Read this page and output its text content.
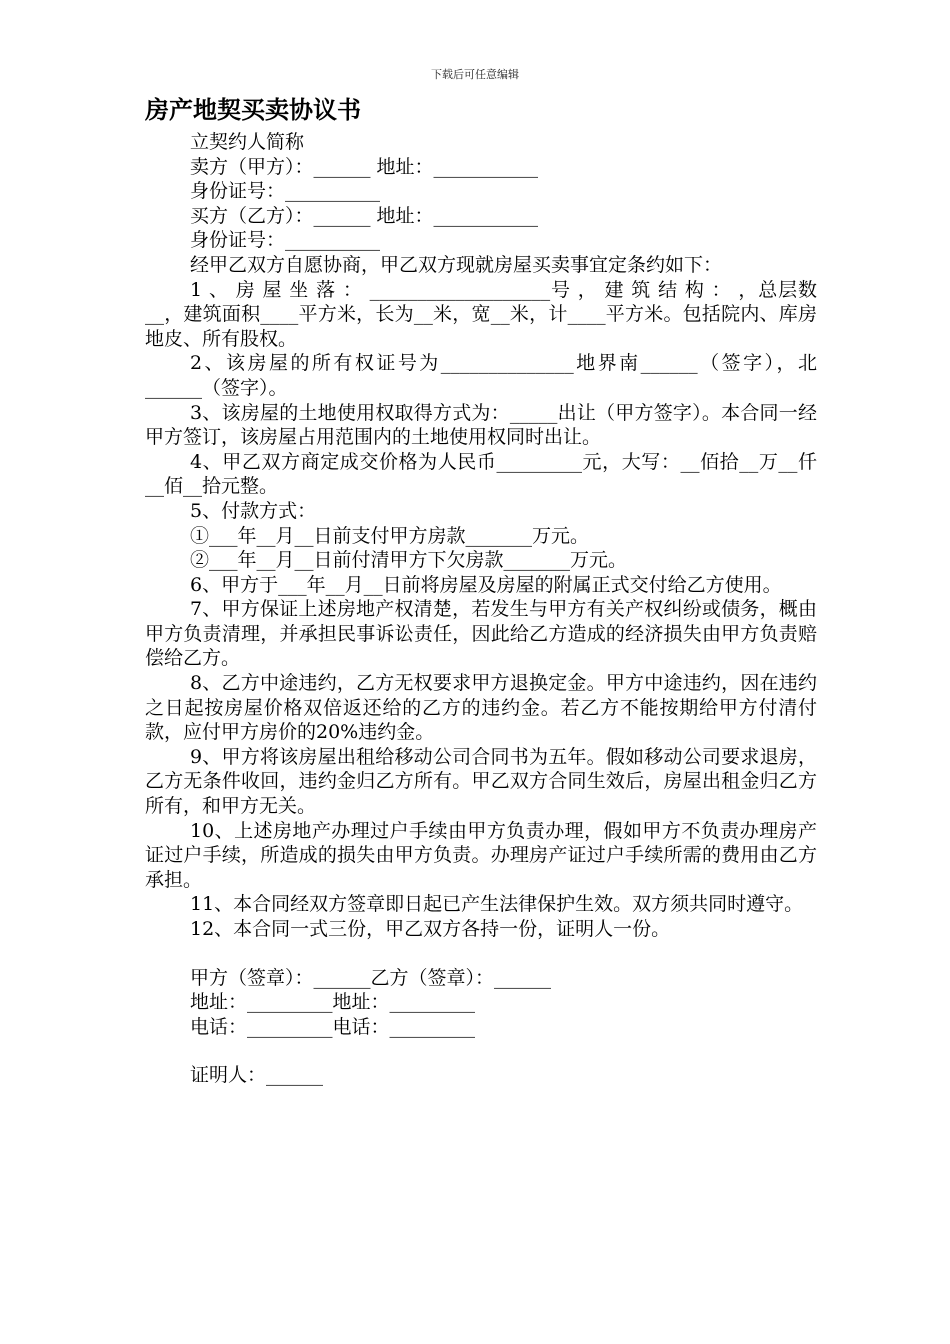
下载后可任意编辑
房产地契买卖协议书
立契约人简称
卖方（甲方）：______ 地址：___________
身份证号：__________
买方（乙方）：______ 地址：___________
身份证号：__________
经甲乙双方自愿协商，甲乙双方现就房屋买卖事宜定条约如下：

1 、 房 屋 坐 落 ： ___________________号 ， 建 筑 结 构 ： ，总层数__，建筑面积____平方米，长为__米，宽__米，计____平方米。包括院内、库房地皮、所有股权。

2、该房屋的所有权证号为______________地界南______（签字），北______（签字）。

3、该房屋的土地使用权取得方式为：_____出让（甲方签字）。本合同一经甲方签订，该房屋占用范围内的土地使用权同时出让。

4、甲乙双方商定成交价格为人民币_________元，大写：__佰拾__万__仟__佰__拾元整。

5、付款方式：

①___年__月__日前支付甲方房款_______万元。

②___年__月__日前付清甲方下欠房款_______万元。

6、甲方于___年__月__日前将房屋及房屋的附属正式交付给乙方使用。

7、甲方保证上述房地产权清楚，若发生与甲方有关产权纠纷或债务，概由甲方负责清理，并承担民事诉讼责任，因此给乙方造成的经济损失由甲方负责赔偿给乙方。

8、乙方中途违约，乙方无权要求甲方退换定金。甲方中途违约，因在违约之日起按房屋价格双倍返还给的乙方的违约金。若乙方不能按期给甲方付清付款，应付甲方房价的20%违约金。

9、甲方将该房屋出租给移动公司合同书为五年。假如移动公司要求退房，乙方无条件收回，违约金归乙方所有。甲乙双方合同生效后，房屋出租金归乙方所有，和甲方无关。

10、上述房地产办理过户手续由甲方负责办理，假如甲方不负责办理房产证过户手续，所造成的损失由甲方负责。办理房产证过户手续所需的费用由乙方承担。

11、本合同经双方签章即日起已产生法律保护生效。双方须共同时遵守。

12、本合同一式三份，甲乙双方各持一份，证明人一份。

甲方（签章）：______乙方（签章）：______
地址：_________地址：_________
电话：_________电话：_________
证明人：______
